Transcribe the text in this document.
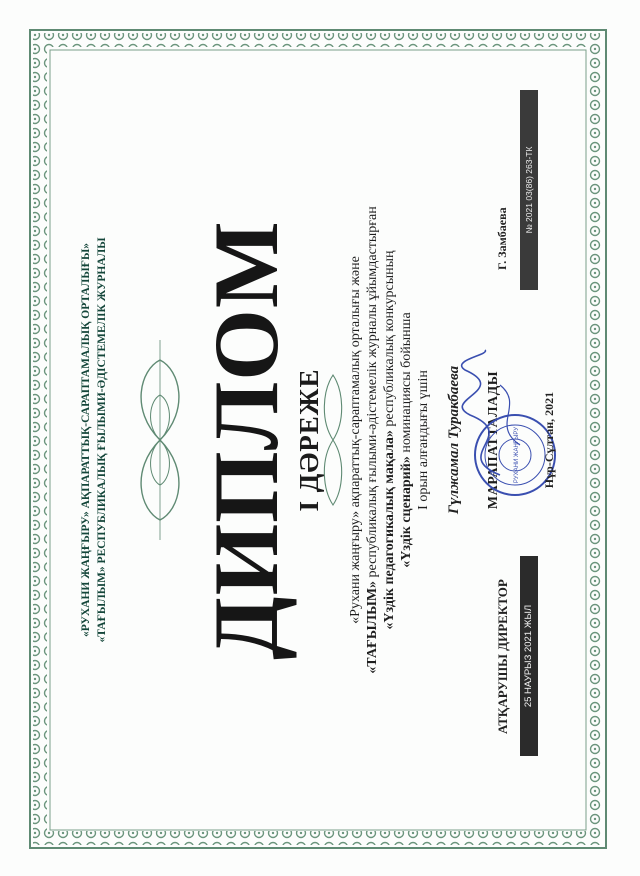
«РУХАНИ ЖАҢҒЫРУ» АҚПАРАТТЫҚ-САРАПТАМАЛЫҚ ОРТАЛЫҒЫ» «ТАҒЫЛЫМ» РЕСПУБЛИКАЛЫҚ ҒЫЛЫМИ-ӘДІСТЕМЕЛІК ЖУРНАЛЫ ДИПЛОМ
І ДӘРЕЖЕ «Рухани жаңғыру» ақпараттық-сараптамалық орталығы және
«ТАҒЫЛЫМ» республикалық ғылыми-әдістемелік журналы ұйымдастырған «Үздік педагогикалық мақала» республикалық конкурсының
«Үздік сценарий» номинациясы бойынша І орын алғандығы үшін Гүлжамал Туракбаева МАРАПАТТАЛАДЫ
АТҚАРУШЫ ДИРЕКТОР	25 НАУРЫЗ 2021 ЖЫЛ
Г. Замбаева
№ 2021 03(86) 263-ТК
РУХАНИ ЖАҢҒЫРУ Нұр-Сұлтан, 2021
